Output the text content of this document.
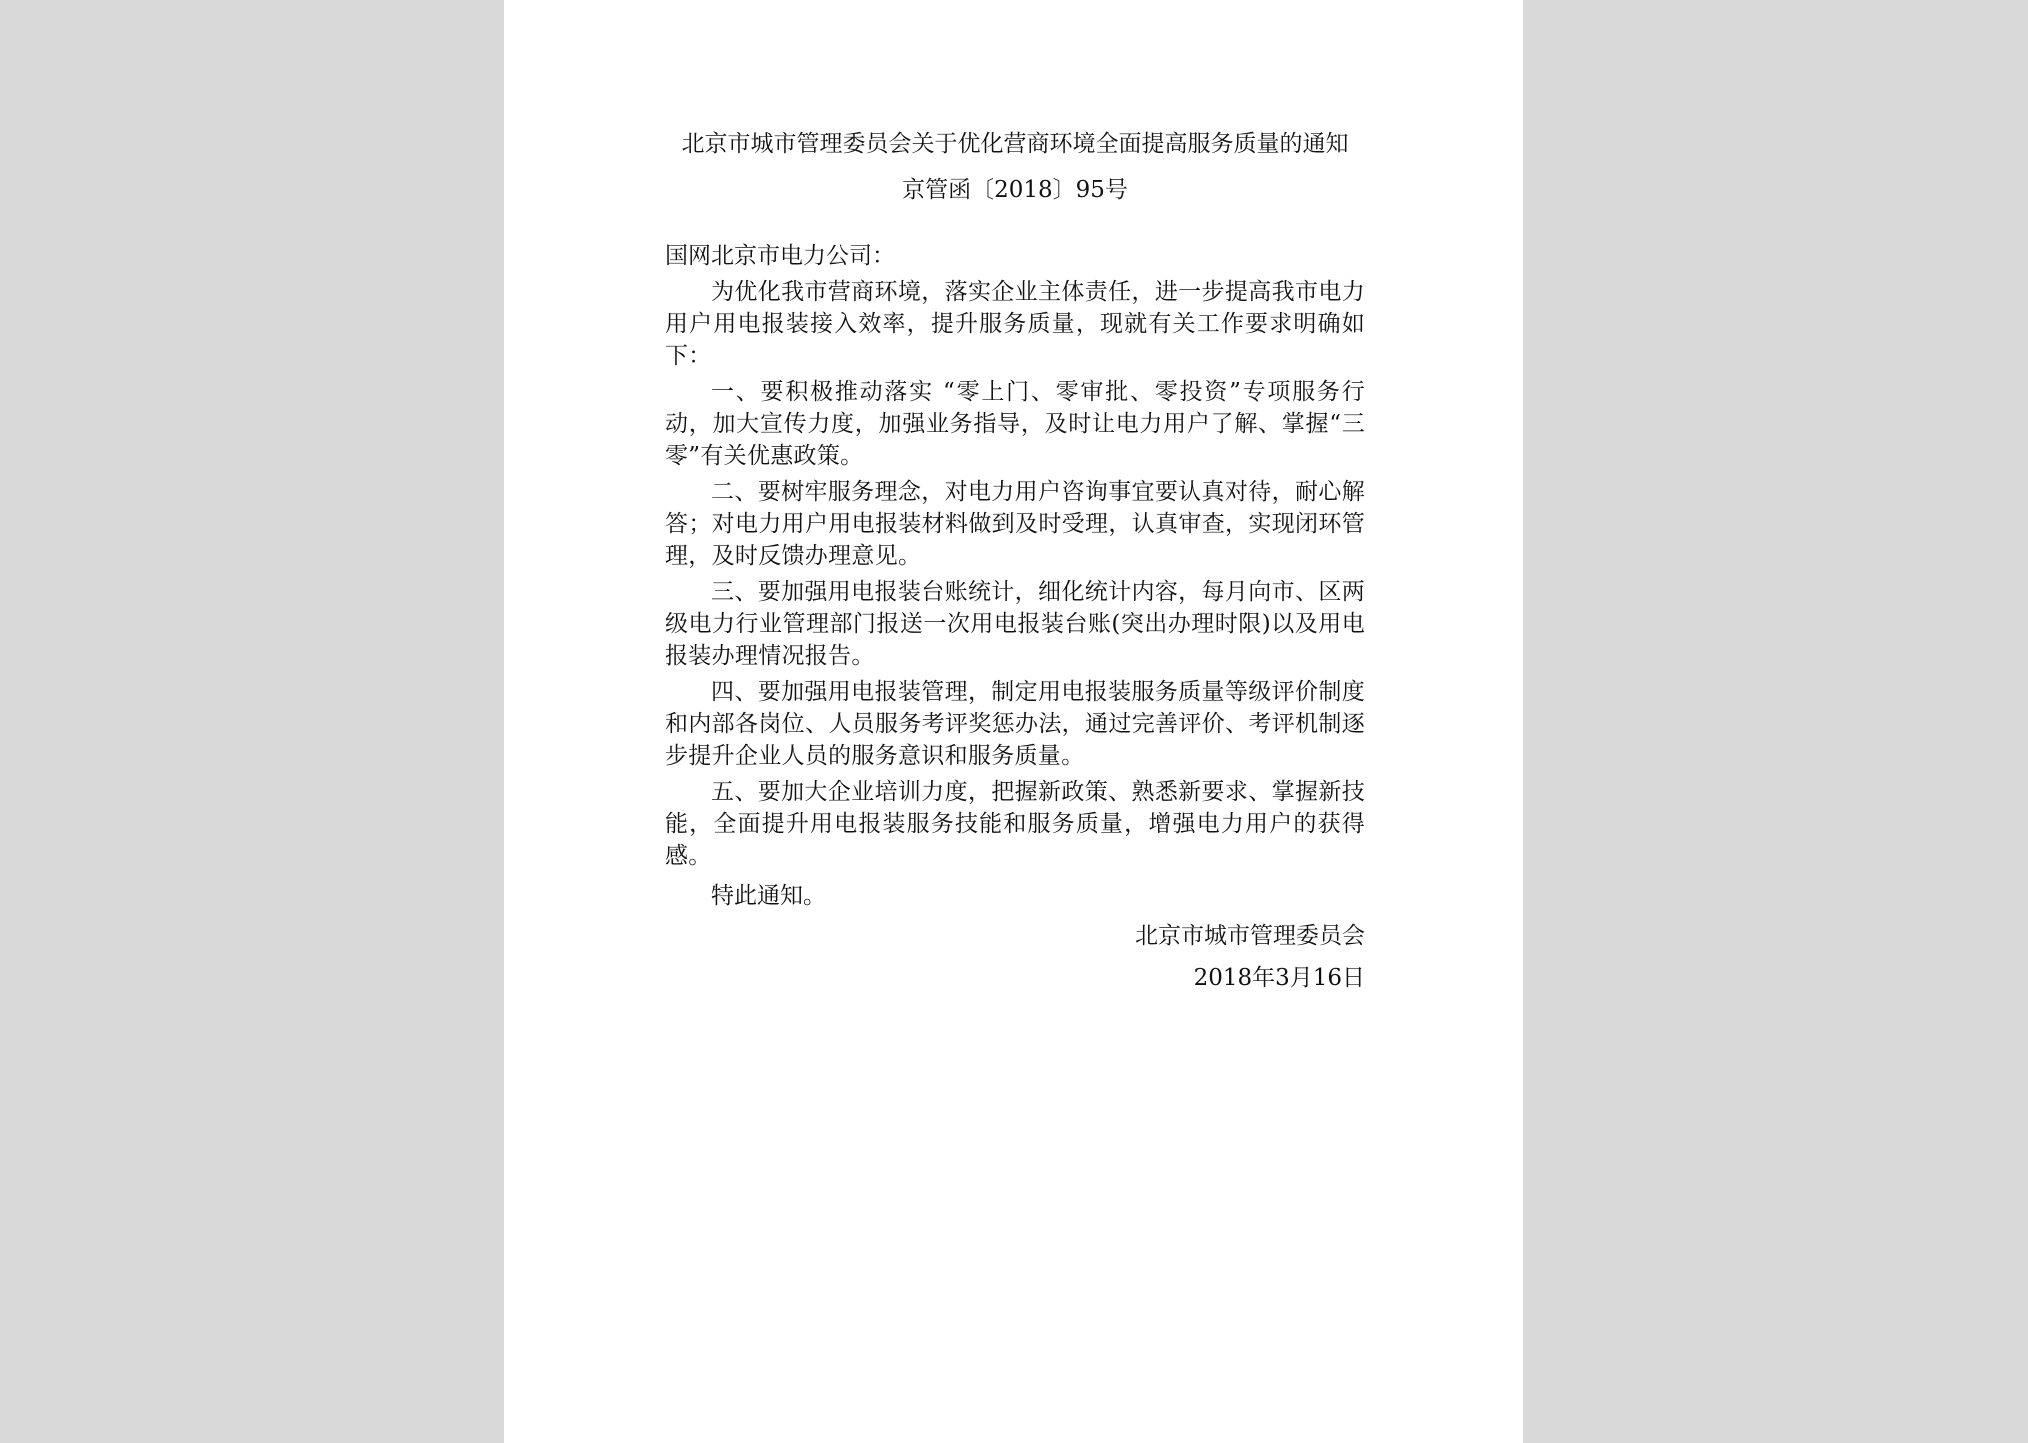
北京市城市管理委员会关于优化营商环境全面提高服务质量的通知

京管函〔2018〕95号

国网北京市电力公司：

为优化我市营商环境，落实企业主体责任，进一步提高我市电力用户用电报装接入效率，提升服务质量，现就有关工作要求明确如下：

一、要积极推动落实 “零上门、零审批、零投资”专项服务行动，加大宣传力度，加强业务指导，及时让电力用户了解、掌握“三零”有关优惠政策。

二、要树牢服务理念，对电力用户咨询事宜要认真对待，耐心解答；对电力用户用电报装材料做到及时受理，认真审查，实现闭环管理，及时反馈办理意见。

三、要加强用电报装台账统计，细化统计内容，每月向市、区两级电力行业管理部门报送一次用电报装台账(突出办理时限)以及用电报装办理情况报告。

四、要加强用电报装管理，制定用电报装服务质量等级评价制度和内部各岗位、人员服务考评奖惩办法，通过完善评价、考评机制逐步提升企业人员的服务意识和服务质量。

五、要加大企业培训力度，把握新政策、熟悉新要求、掌握新技能，全面提升用电报装服务技能和服务质量，增强电力用户的获得感。

特此通知。

北京市城市管理委员会

2018年3月16日
